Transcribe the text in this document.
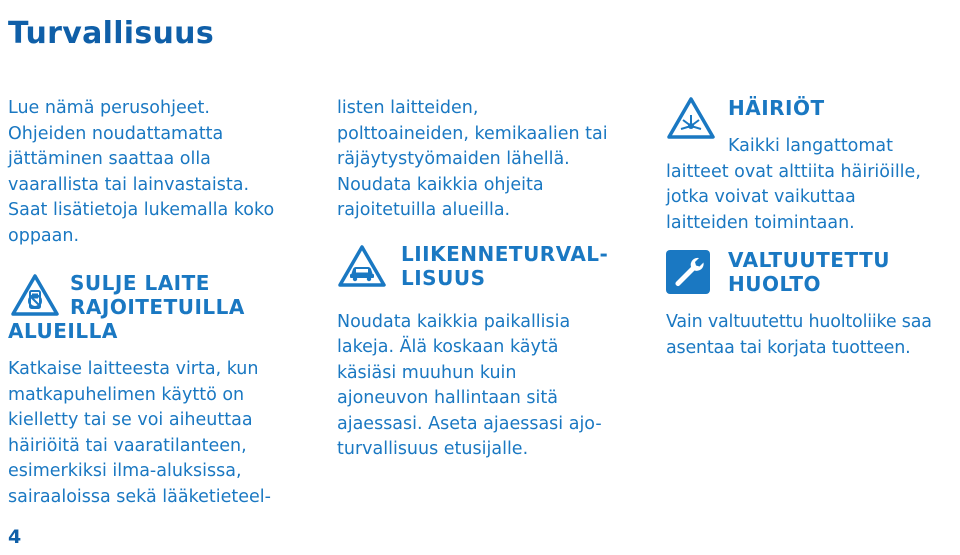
Turvallisuus

Lue nämä perusohjeet.
Ohjeiden noudattamatta
jättäminen saattaa olla
vaarallista tai lainvastaista.
Saat lisätietoja lukemalla koko
oppaan.

SULJE LAITE
RAJOITETUILLA
ALUEILLA

Katkaise laitteesta virta, kun
matkapuhelimen käyttö on
kielletty tai se voi aiheuttaa
häiriöitä tai vaaratilanteen,
esimerkiksi ilma-aluksissa,
sairaaloissa sekä lääketieteel-

listen laitteiden,
polttoaineiden, kemikaalien tai
räjäytystyömaiden lähellä.
Noudata kaikkia ohjeita
rajoitetuilla alueilla.

LIIKENNETURVAL-
LISUUS

Noudata kaikkia paikallisia
lakeja. Älä koskaan käytä
käsiäsi muuhun kuin
ajoneuvon hallintaan sitä
ajaessasi. Aseta ajaessasi ajo-
turvallisuus etusijalle.

HÄIRIÖT

Kaikki langattomat
laitteet ovat alttiita häiriöille,
jotka voivat vaikuttaa
laitteiden toimintaan.

VALTUUTETTU
HUOLTO

Vain valtuutettu huoltoliike saa
asentaa tai korjata tuotteen.

4
